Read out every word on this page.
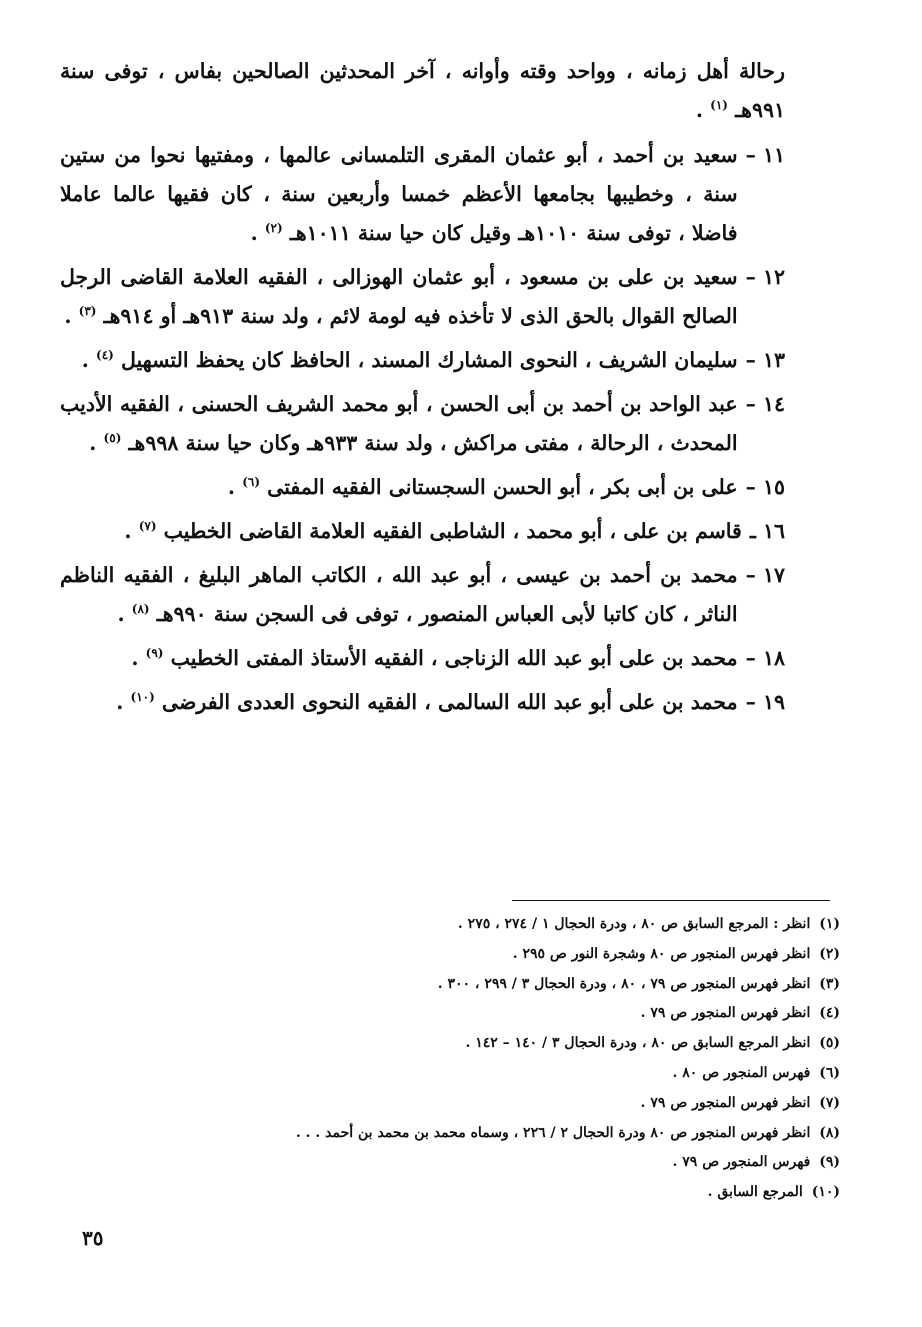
رحالة أهل زمانه ، وواحد وقته وأوانه ، آخر المحدثين الصالحين بفاس ، توفى سنة ٩٩١هـ $^{(١)}$ .

١١ –
سعيد بن أحمد ، أبو عثمان المقرى التلمسانى عالمها ، ومفتيها نحوا من ستين سنة ، وخطيبها بجامعها الأعظم خمسا وأربعين سنة ، كان فقيها عالما عاملا فاضلا ، توفى سنة ١٠١٠هـ وقيل كان حيا سنة ١٠١١هـ $^{(٢)}$ .
١٢ –
سعيد بن على بن مسعود ، أبو عثمان الهوزالى ، الفقيه العلامة القاضى الرجل الصالح القوال بالحق الذى لا تأخذه فيه لومة لائم ، ولد سنة ٩١٣هـ أو ٩١٤هـ $^{(٣)}$ .
١٣ –
سليمان الشريف ، النحوى المشارك المسند ، الحافظ كان يحفظ التسهيل $^{(٤)}$ .
١٤ –
عبد الواحد بن أحمد بن أبى الحسن ، أبو محمد الشريف الحسنى ، الفقيه الأديب المحدث ، الرحالة ، مفتى مراكش ، ولد سنة ٩٣٣هـ وكان حيا سنة ٩٩٨هـ $^{(٥)}$ .
١٥ –
على بن أبى بكر ، أبو الحسن السجستانى الفقيه المفتى $^{(٦)}$ .
١٦ ـ
قاسم بن على ، أبو محمد ، الشاطبى الفقيه العلامة القاضى الخطيب $^{(٧)}$ .
١٧ –
محمد بن أحمد بن عيسى ، أبو عبد الله ، الكاتب الماهر البليغ ، الفقيه الناظم الناثر ، كان كاتبا لأبى العباس المنصور ، توفى فى السجن سنة ٩٩٠هـ $^{(٨)}$ .
١٨ –
محمد بن على أبو عبد الله الزناجى ، الفقيه الأستاذ المفتى الخطيب $^{(٩)}$ .
١٩ –
محمد بن على أبو عبد الله السالمى ، الفقيه النحوى العددى الفرضى $^{(١٠)}$ .
(١) انظر : المرجع السابق ص ٨٠ ، ودرة الحجال ١ / ٢٧٤ ، ٢٧٥ .
(٢) انظر فهرس المنجور ص ٨٠ وشجرة النور ص ٢٩٥ .
(٣) انظر فهرس المنجور ص ٧٩ ، ٨٠ ، ودرة الحجال ٣ / ٢٩٩ ، ٣٠٠ .
(٤) انظر فهرس المنجور ص ٧٩ .
(٥) انظر المرجع السابق ص ٨٠ ، ودرة الحجال ٣ / ١٤٠ – ١٤٢ .
(٦) فهرس المنجور ص ٨٠ .
(٧) انظر فهرس المنجور ص ٧٩ .
(٨) انظر فهرس المنجور ص ٨٠ ودرة الحجال ٢ / ٢٢٦ ، وسماه محمد بن محمد بن أحمد . . .
(٩) فهرس المنجور ص ٧٩ .
(١٠) المرجع السابق .
٣٥
